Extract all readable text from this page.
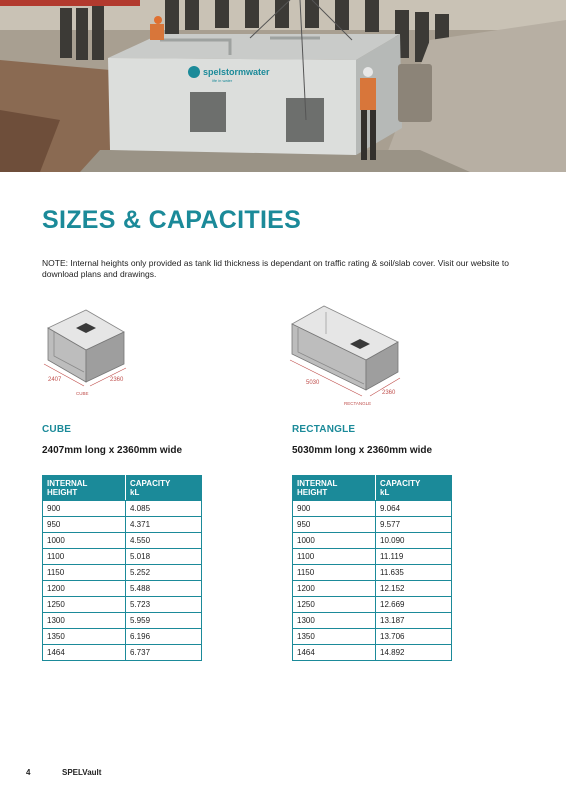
spelstormwater
life in water
SIZES & CAPACITIES

NOTE: Internal heights only provided as tank lid thickness is dependant on traffic rating & soil/slab cover. Visit our website to download plans and drawings.

2407	2360
CUBE
5030
2360
RECTANGLE
CUBE

2407mm long x 2360mm wide

INTERNAL
HEIGHT	CAPACITY
kL
900	4.085
950	4.371
1000	4.550
1100	5.018
1150	5.252
1200	5.488
1250	5.723
1300	5.959
1350	6.196
1464	6.737
RECTANGLE

5030mm long x 2360mm wide

INTERNAL
HEIGHT	CAPACITY
kL
900	9.064
950	9.577
1000	10.090
1100	11.119
1150	11.635
1200	12.152
1250	12.669
1300	13.187
1350	13.706
1464	14.892
4	SPELVault
